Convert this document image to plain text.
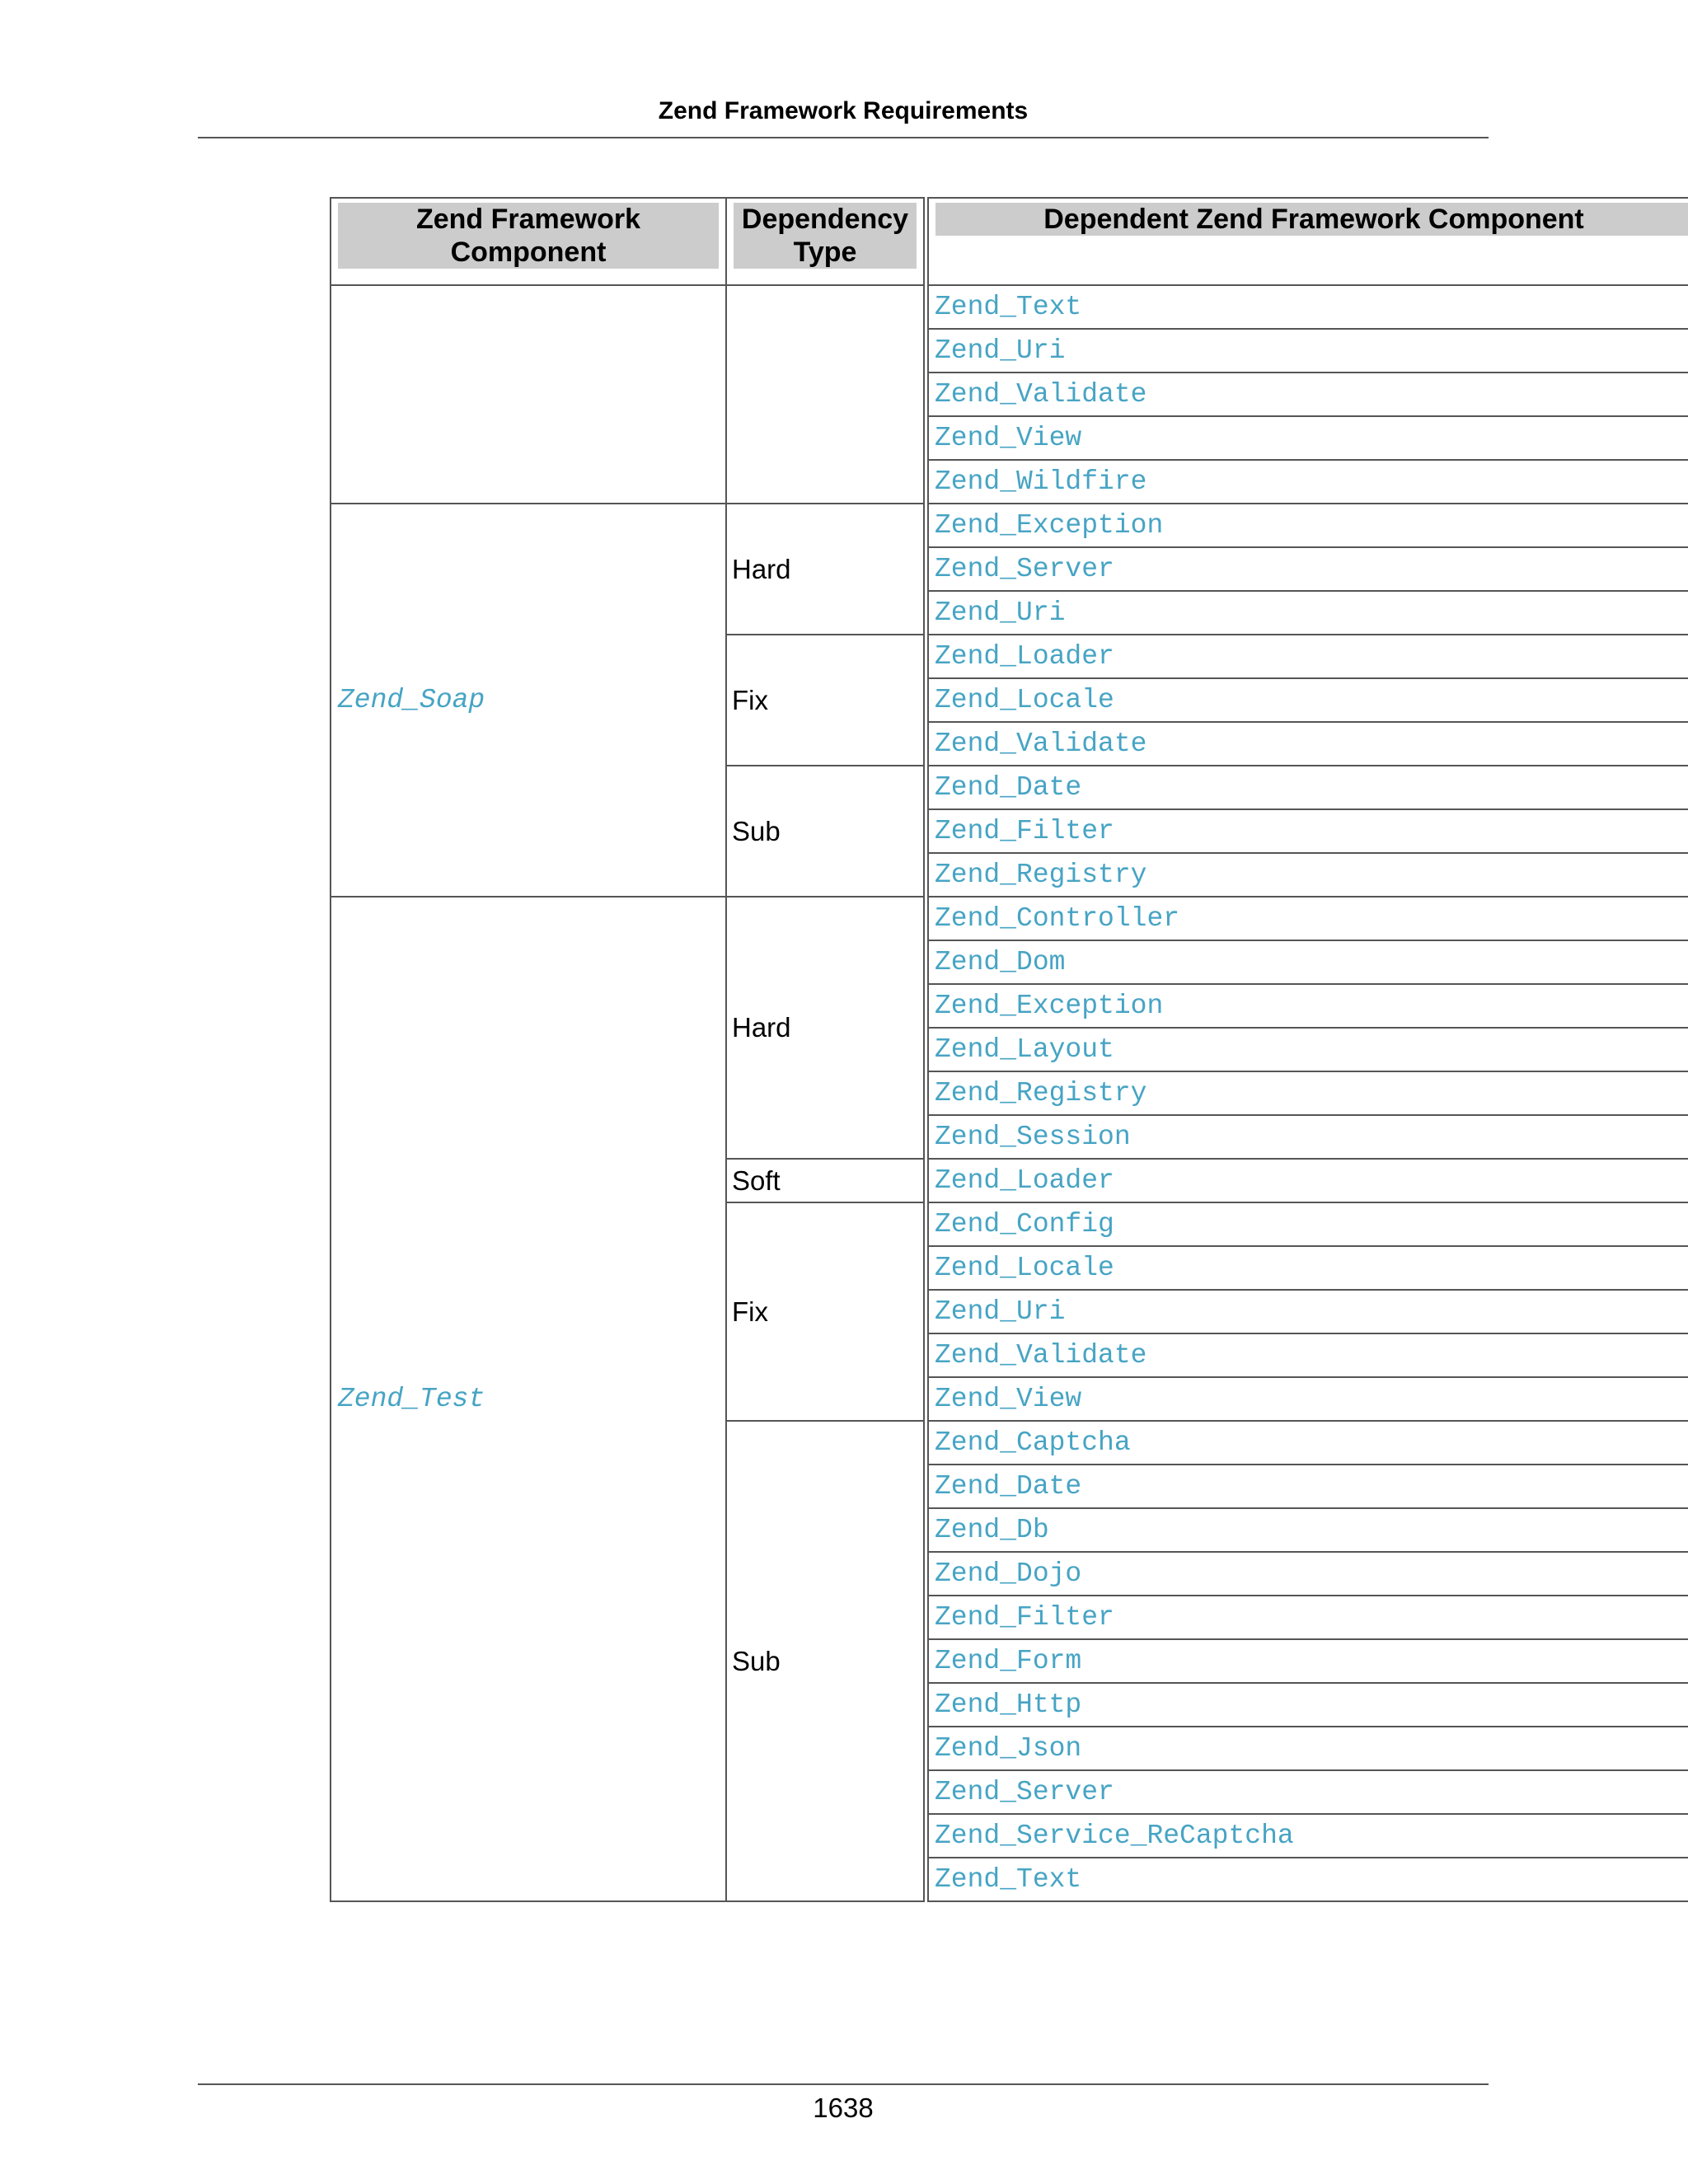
Zend Framework Requirements
Zend Framework Component	Dependency Type		Dependent Zend Framework Component

			Zend_Text
			Zend_Uri
			Zend_Validate
			Zend_View
			Zend_Wildfire
Zend_Soap	Hard		Zend_Exception
			Zend_Server
			Zend_Uri
	Fix		Zend_Loader
			Zend_Locale
			Zend_Validate
	Sub		Zend_Date
			Zend_Filter
			Zend_Registry
Zend_Test	Hard		Zend_Controller
			Zend_Dom
			Zend_Exception
			Zend_Layout
			Zend_Registry
			Zend_Session
	Soft		Zend_Loader
	Fix		Zend_Config
			Zend_Locale
			Zend_Uri
			Zend_Validate
			Zend_View
	Sub		Zend_Captcha
			Zend_Date
			Zend_Db
			Zend_Dojo
			Zend_Filter
			Zend_Form
			Zend_Http
			Zend_Json
			Zend_Server
			Zend_Service_ReCaptcha
			Zend_Text
1638
